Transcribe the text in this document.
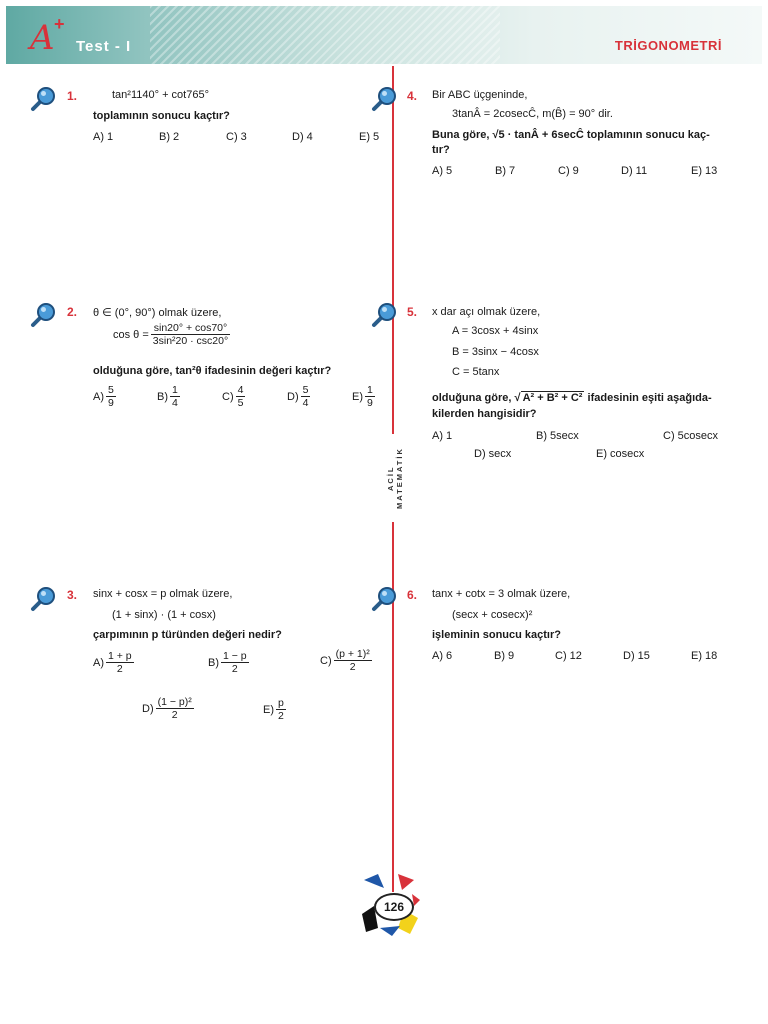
A +
Test - I	TRİGONOMETRİ
ACİL MATEMATİK
1.	tan²1140° + cot765°
toplamının sonucu kaçtır?
A) 1	B) 2	C) 3	D) 4	E) 5
2. θ ∈ (0°, 90°) olmak üzere,
$\cos \theta = \frac{\sin 20^\circ + \cos 70^\circ}{\text{3sin²20 · csc20°}}$
olduğuna göre, tan²θ ifadesinin değeri kaçtır?
$A) \frac{5}{9}$	$B) \frac{1}{4}$	$C) \frac{4}{5}$	$D) \frac{5}{4}$	$E) \frac{1}{9}$
3. sinx + cosx = p olmak üzere,
(1 + sinx) · (1 + cosx)
çarpımının p türünden değeri nedir?
$A) \frac{1 + p}{2}$	$B) \frac{1 - p}{2}$	$C) \frac{\text{(p + 1)²}}{2}$
$D) \frac{\text{(1 − p)²}}{2}$	$E) \frac{p}{2}$
4. Bir ABC üçgeninde,
3tanÂ = 2cosecĈ, m(B̂) = 90° dir.
Buna göre, √5 · tanÂ + 6secĈ toplamının sonucu kaç-
tır?
A) 5	B) 7	C) 9	D) 11	E) 13
5. x dar açı olmak üzere,
A = 3cosx + 4sinx
B = 3sinx − 4cosx
C = 5tanx
olduğuna göre, √ A² + B² + C² ifadesinin eşiti aşağıda-
kilerden hangisidir?
A) 1	B) 5secx	C) 5cosecx
D) secx	E) cosecx
6. tanx + cotx = 3 olmak üzere,
(secx + cosecx)²
işleminin sonucu kaçtır?
A) 6	B) 9	C) 12	D) 15	E) 18
126
